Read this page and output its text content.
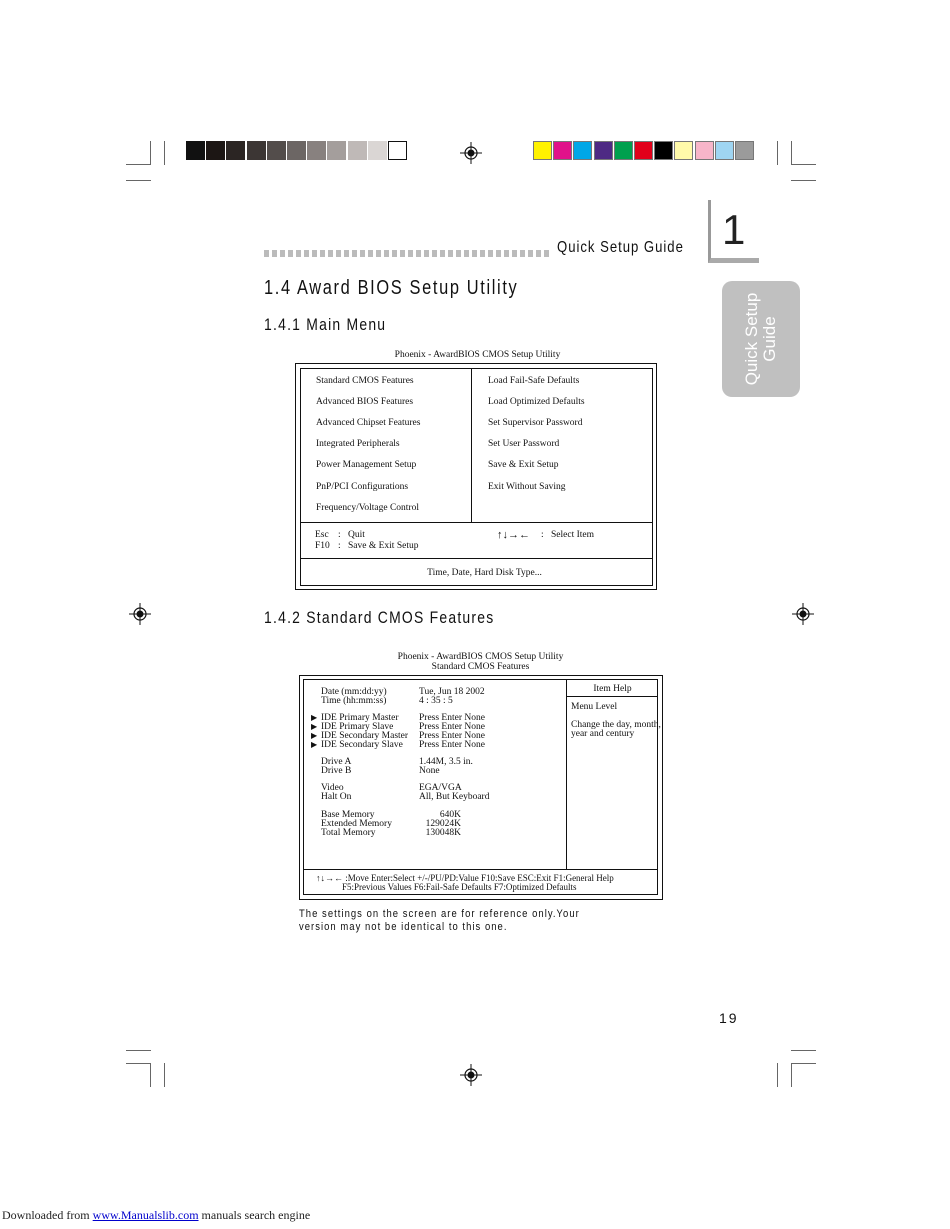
Quick Setup Guide 1
Quick Setup Guide
1.4 Award BIOS Setup Utility
1.4.1 Main Menu
Phoenix - AwardBIOS CMOS Setup Utility
Standard CMOS Features
Advanced BIOS Features
Advanced Chipset Features
Integrated Peripherals
Power Management Setup
PnP/PCI Configurations
Frequency/Voltage Control
Load Fail-Safe Defaults
Load Optimized Defaults
Set Supervisor Password
Set User Password
Save & Exit Setup
Exit Without Saving
Esc : Quit
F10 : Save & Exit Setup
↑↓→← : Select Item
Time, Date, Hard Disk Type...
1.4.2 Standard CMOS Features
Phoenix - AwardBIOS CMOS Setup Utility
Standard CMOS Features
Date (mm:dd:yy)	Tue, Jun 18 2002
Time (hh:mm:ss)	4 : 35 : 5
▶ IDE Primary Master Press Enter None
▶ IDE Primary Slave	Press Enter None
▶ IDE Secondary Master Press Enter None
▶ IDE Secondary Slave Press Enter None
Drive A	1.44M, 3.5 in.
Drive B	None
Video	EGA/VGA
Halt On	All, But Keyboard
Base Memory	640K
Extended Memory	129024K
Total Memory	130048K
Item Help
Menu Level
Change the day, month,
year and century
↑↓→← :Move Enter:Select +/-/PU/PD:Value F10:Save ESC:Exit F1:General Help
F5:Previous Values F6:Fail-Safe Defaults F7:Optimized Defaults
The settings on the screen are for reference only.Your version may not be identical to this one.
19
Downloaded from www.Manualslib.com manuals search engine
